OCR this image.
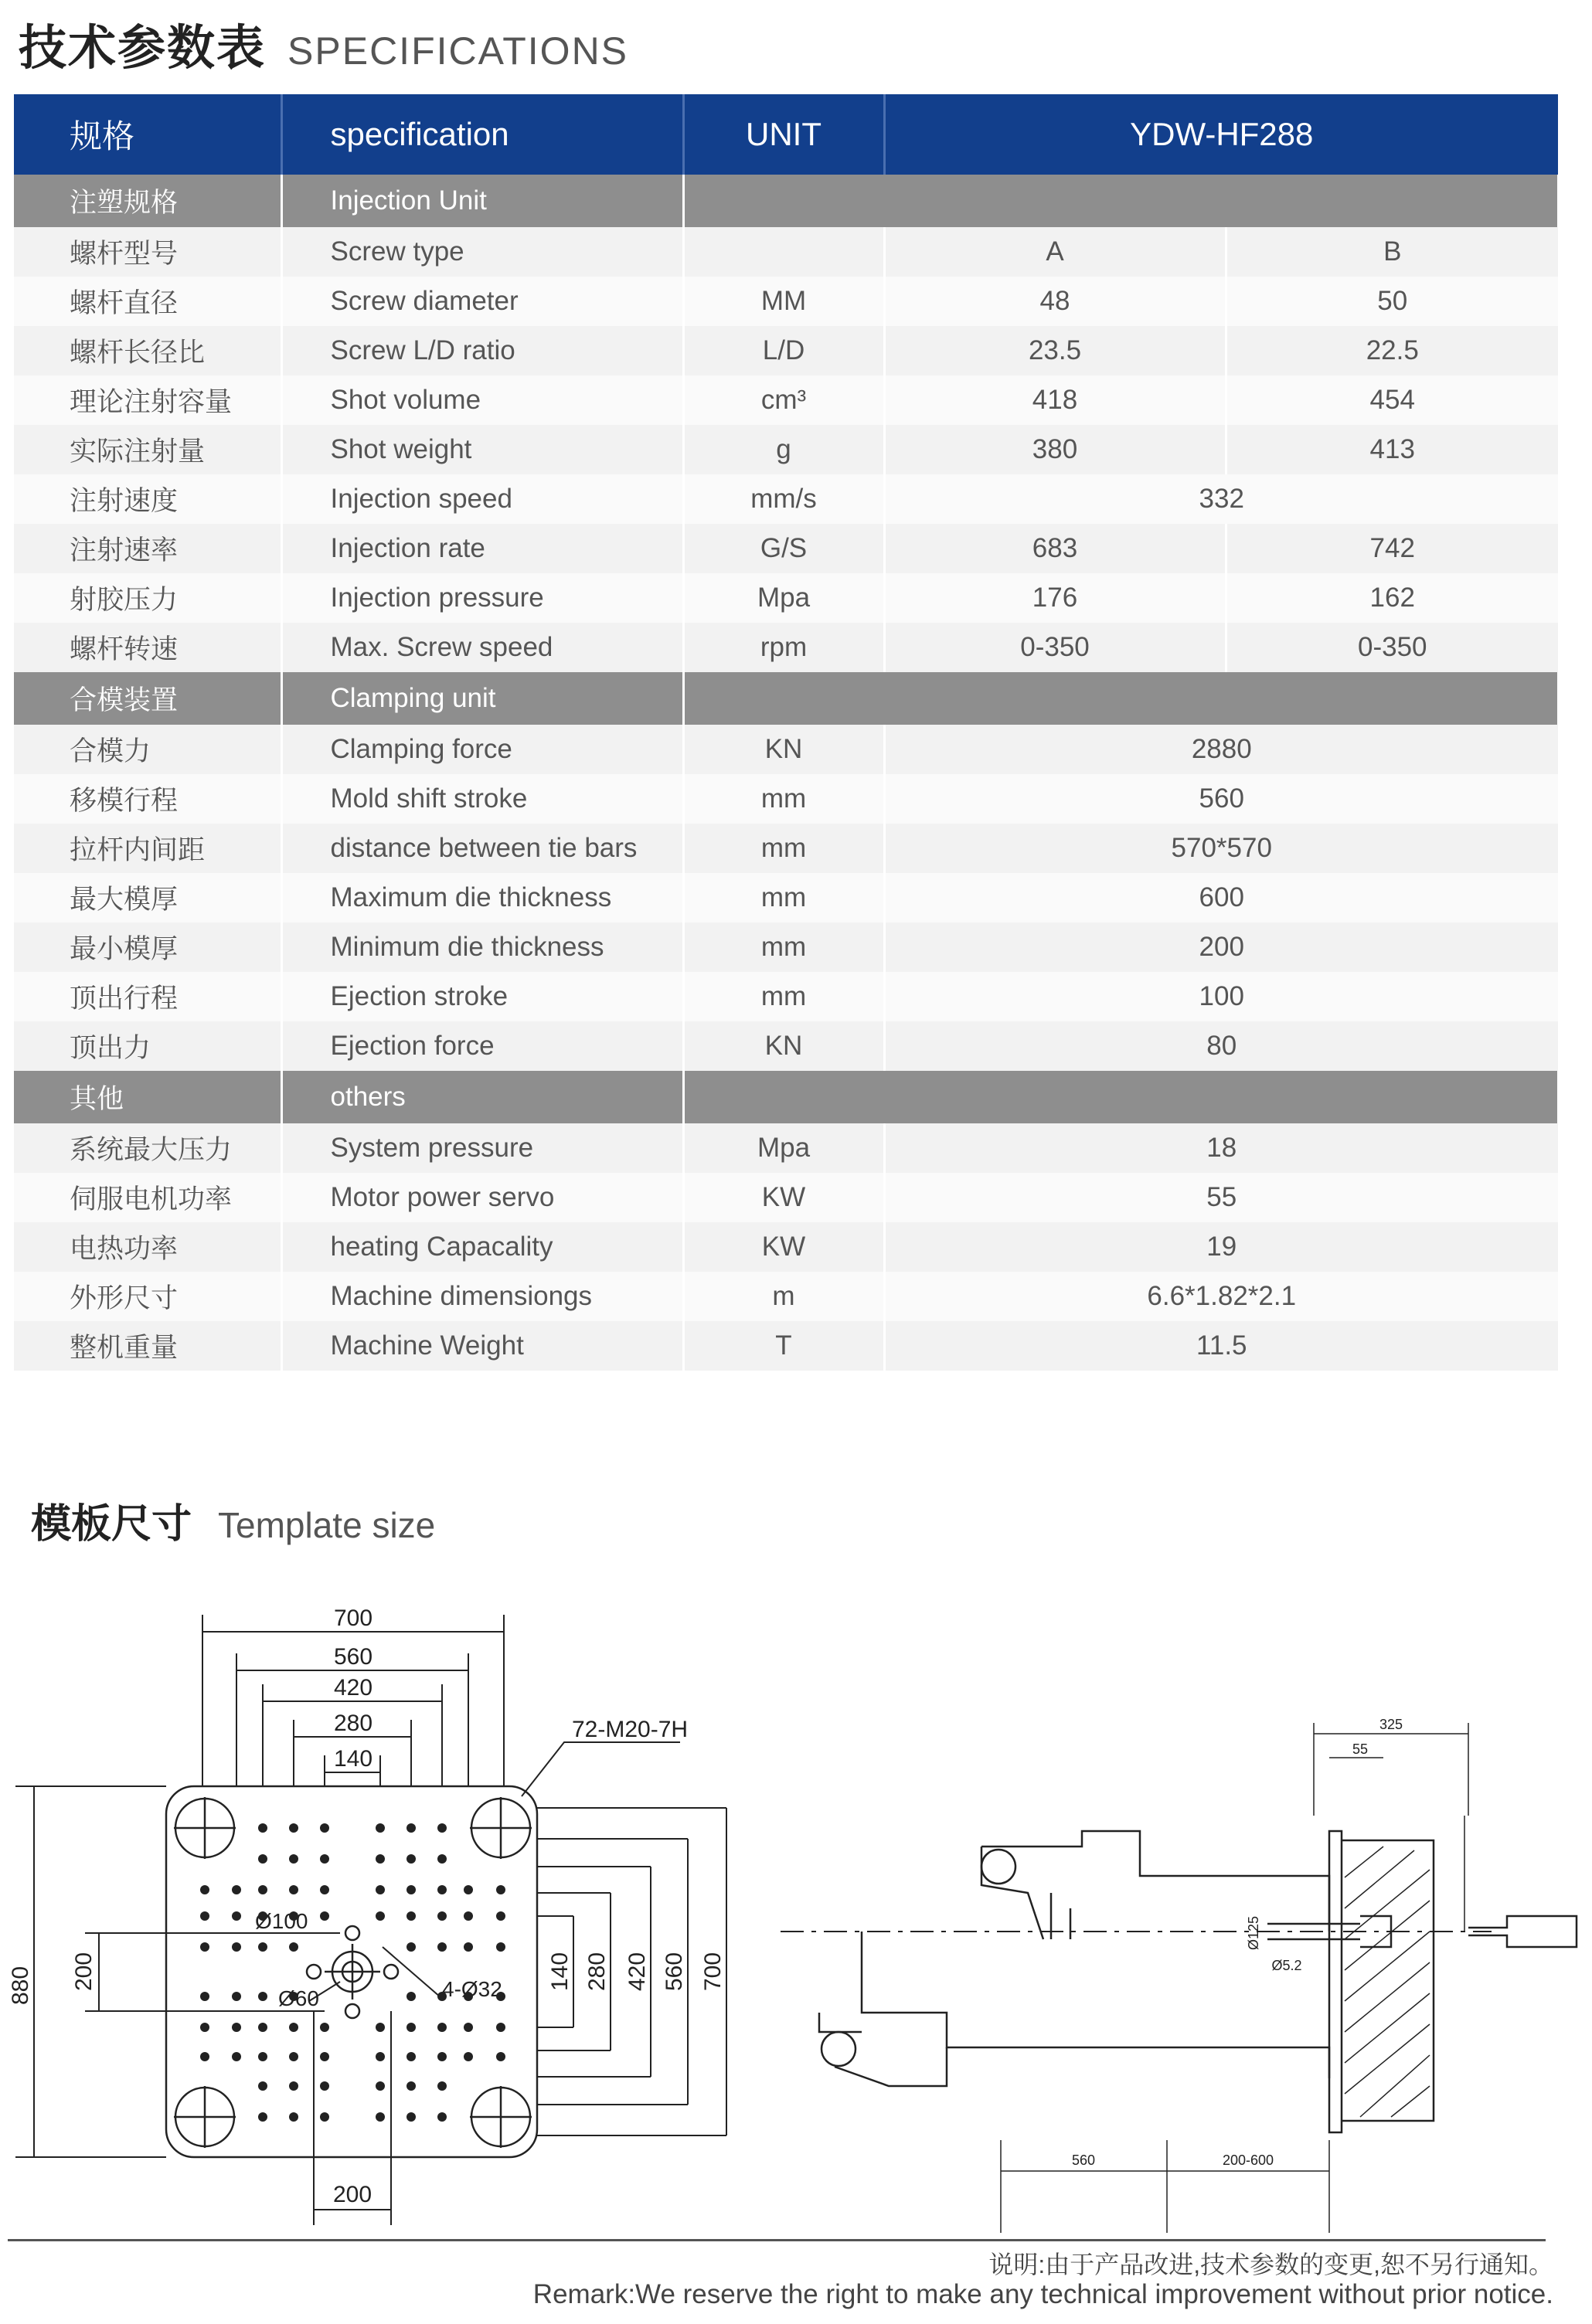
技术参数表 SPECIFICATIONS
规格	specification	UNIT	YDW-HF288	
注塑规格	Injection Unit			
螺杆型号	Screw type		A	B
螺杆直径	Screw diameter	MM	48	50
螺杆长径比	Screw L/D ratio	L/D	23.5	22.5
理论注射容量	Shot volume	cm³	418	454
实际注射量	Shot weight	g	380	413
注射速度	Injection speed	mm/s	332	
注射速率	Injection rate	G/S	683	742
射胶压力	Injection pressure	Mpa	176	162
螺杆转速	Max. Screw speed	rpm	0-350	0-350
合模装置	Clamping unit			
合模力	Clamping force	KN	2880	
移模行程	Mold shift stroke	mm	560	
拉杆内间距	distance between tie bars	mm	570*570	
最大模厚	Maximum die thickness	mm	600	
最小模厚	Minimum die thickness	mm	200	
顶出行程	Ejection stroke	mm	100	
顶出力	Ejection force	KN	80	
其他	others			
系统最大压力	System pressure	Mpa	18	
伺服电机功率	Motor power servo	KW	55	
电热功率	heating Capacality	KW	19	
外形尺寸	Machine dimensiongs	m	6.6*1.82*2.1	
整机重量	Machine Weight	T	11.5	
模板尺寸 Template size
700
560
420
280
140
72-M20-7H
880 200
Ø100
Ø60	4-Ø32 140 280 420 560 700
200
325
55
Ø125
Ø5.2
560	200-600
说明:由于产品改进,技术参数的变更,恕不另行通知。
Remark:We reserve the right to make any technical improvement without prior notice.
